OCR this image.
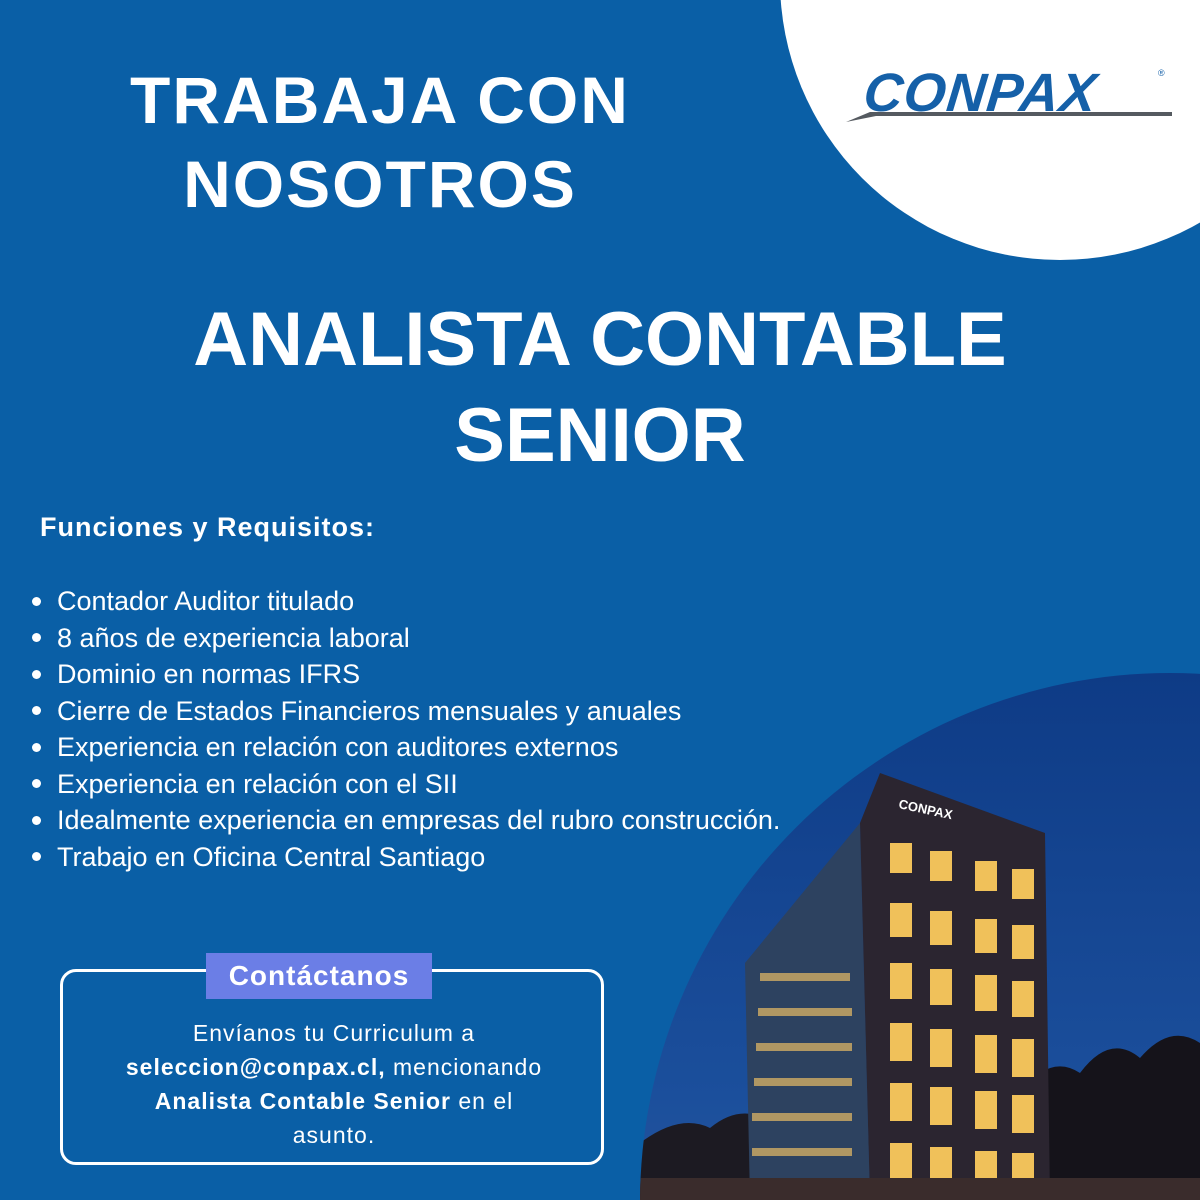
CONPAX	®
TRABAJA CON
NOSOTROS
ANALISTA CONTABLE
SENIOR
Funciones y Requisitos:
Contador Auditor titulado
8 años de experiencia laboral
Dominio en normas IFRS
Cierre de Estados Financieros mensuales y anuales
Experiencia en relación con auditores externos
Experiencia en relación con el SII
Idealmente experiencia en empresas del rubro construcción.
Trabajo en Oficina Central Santiago
CONPAX
Contáctanos
Envíanos tu Curriculum a
seleccion@conpax.cl, mencionando
Analista Contable Senior en el
asunto.
